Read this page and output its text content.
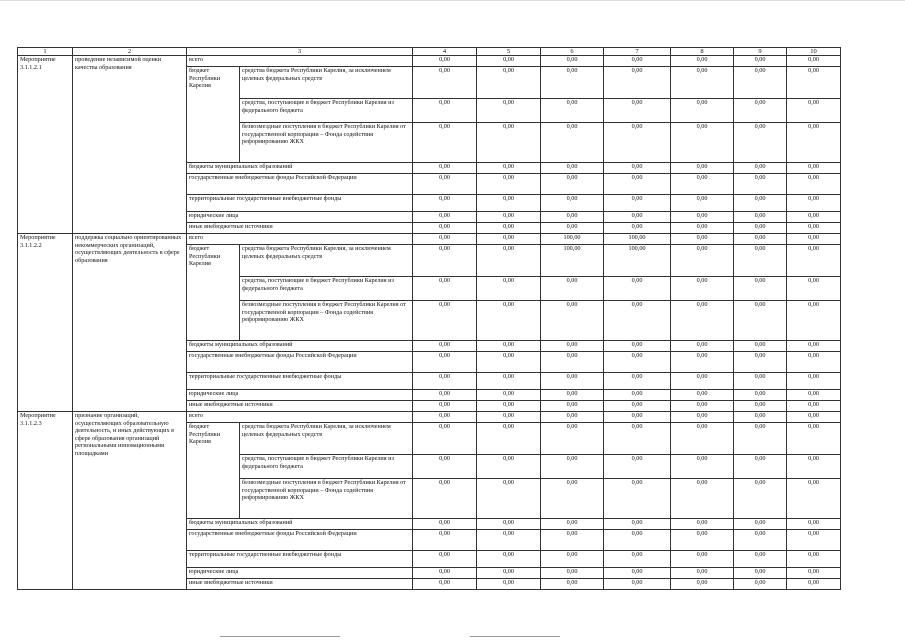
1	2	3		4	5	6	7	8	9	10
Мероприятие 3.1.1.2.1	проведение независимой оценки качества образования	всего		0,00	0,00	0,00	0,00	0,00	0,00	0,00
		бюджет Республики Карелия	средства бюджета Республики Карелия, за исключением целевых федеральных средств	0,00	0,00	0,00	0,00	0,00	0,00	0,00
			средства, поступающие в бюджет Республики Карелия из федерального бюджета	0,00	0,00	0,00	0,00	0,00	0,00	0,00
			безвозмездные поступления в бюджет Республики Карелия от государственной корпорации – Фонда содействия реформированию ЖКХ	0,00	0,00	0,00	0,00	0,00	0,00	0,00
		бюджеты муниципальных образований		0,00	0,00	0,00	0,00	0,00	0,00	0,00
		государственные внебюджетные фонды Российской Федерации		0,00	0,00	0,00	0,00	0,00	0,00	0,00
		территориальные государственные внебюджетные фонды		0,00	0,00	0,00	0,00	0,00	0,00	0,00
		юридические лица		0,00	0,00	0,00	0,00	0,00	0,00	0,00
		иные внебюджетные источники		0,00	0,00	0,00	0,00	0,00	0,00	0,00
Мероприятие 3.1.1.2.2	поддержка социально ориентированных некоммерческих организаций, осуществляющих деятельность в сфере образования	всего		0,00	0,00	100,00	100,00	0,00	0,00	0,00
		бюджет Республики Карелия	средства бюджета Республики Карелия, за исключением целевых федеральных средств	0,00	0,00	100,00	100,00	0,00	0,00	0,00
			средства, поступающие в бюджет Республики Карелия из федерального бюджета	0,00	0,00	0,00	0,00	0,00	0,00	0,00
			безвозмездные поступления в бюджет Республики Карелия от государственной корпорации – Фонда содействия реформированию ЖКХ	0,00	0,00	0,00	0,00	0,00	0,00	0,00
		бюджеты муниципальных образований		0,00	0,00	0,00	0,00	0,00	0,00	0,00
		государственные внебюджетные фонды Российской Федерации		0,00	0,00	0,00	0,00	0,00	0,00	0,00
		территориальные государственные внебюджетные фонды		0,00	0,00	0,00	0,00	0,00	0,00	0,00
		юридические лица		0,00	0,00	0,00	0,00	0,00	0,00	0,00
		иные внебюджетные источники		0,00	0,00	0,00	0,00	0,00	0,00	0,00
Мероприятие 3.1.1.2.3	признание организаций, осуществляющих образовательную деятельность, и иных действующих в сфере образования организаций региональными инновационными площадками	всего		0,00	0,00	0,00	0,00	0,00	0,00	0,00
		бюджет Республики Карелия	средства бюджета Республики Карелия, за исключением целевых федеральных средств	0,00	0,00	0,00	0,00	0,00	0,00	0,00
			средства, поступающие в бюджет Республики Карелия из федерального бюджета	0,00	0,00	0,00	0,00	0,00	0,00	0,00
			безвозмездные поступления в бюджет Республики Карелия от государственной корпорации – Фонда содействия реформированию ЖКХ	0,00	0,00	0,00	0,00	0,00	0,00	0,00
		бюджеты муниципальных образований		0,00	0,00	0,00	0,00	0,00	0,00	0,00
		государственные внебюджетные фонды Российской Федерации		0,00	0,00	0,00	0,00	0,00	0,00	0,00
		территориальные государственные внебюджетные фонды		0,00	0,00	0,00	0,00	0,00	0,00	0,00
		юридические лица		0,00	0,00	0,00	0,00	0,00	0,00	0,00
		иные внебюджетные источники		0,00	0,00	0,00	0,00	0,00	0,00	0,00
